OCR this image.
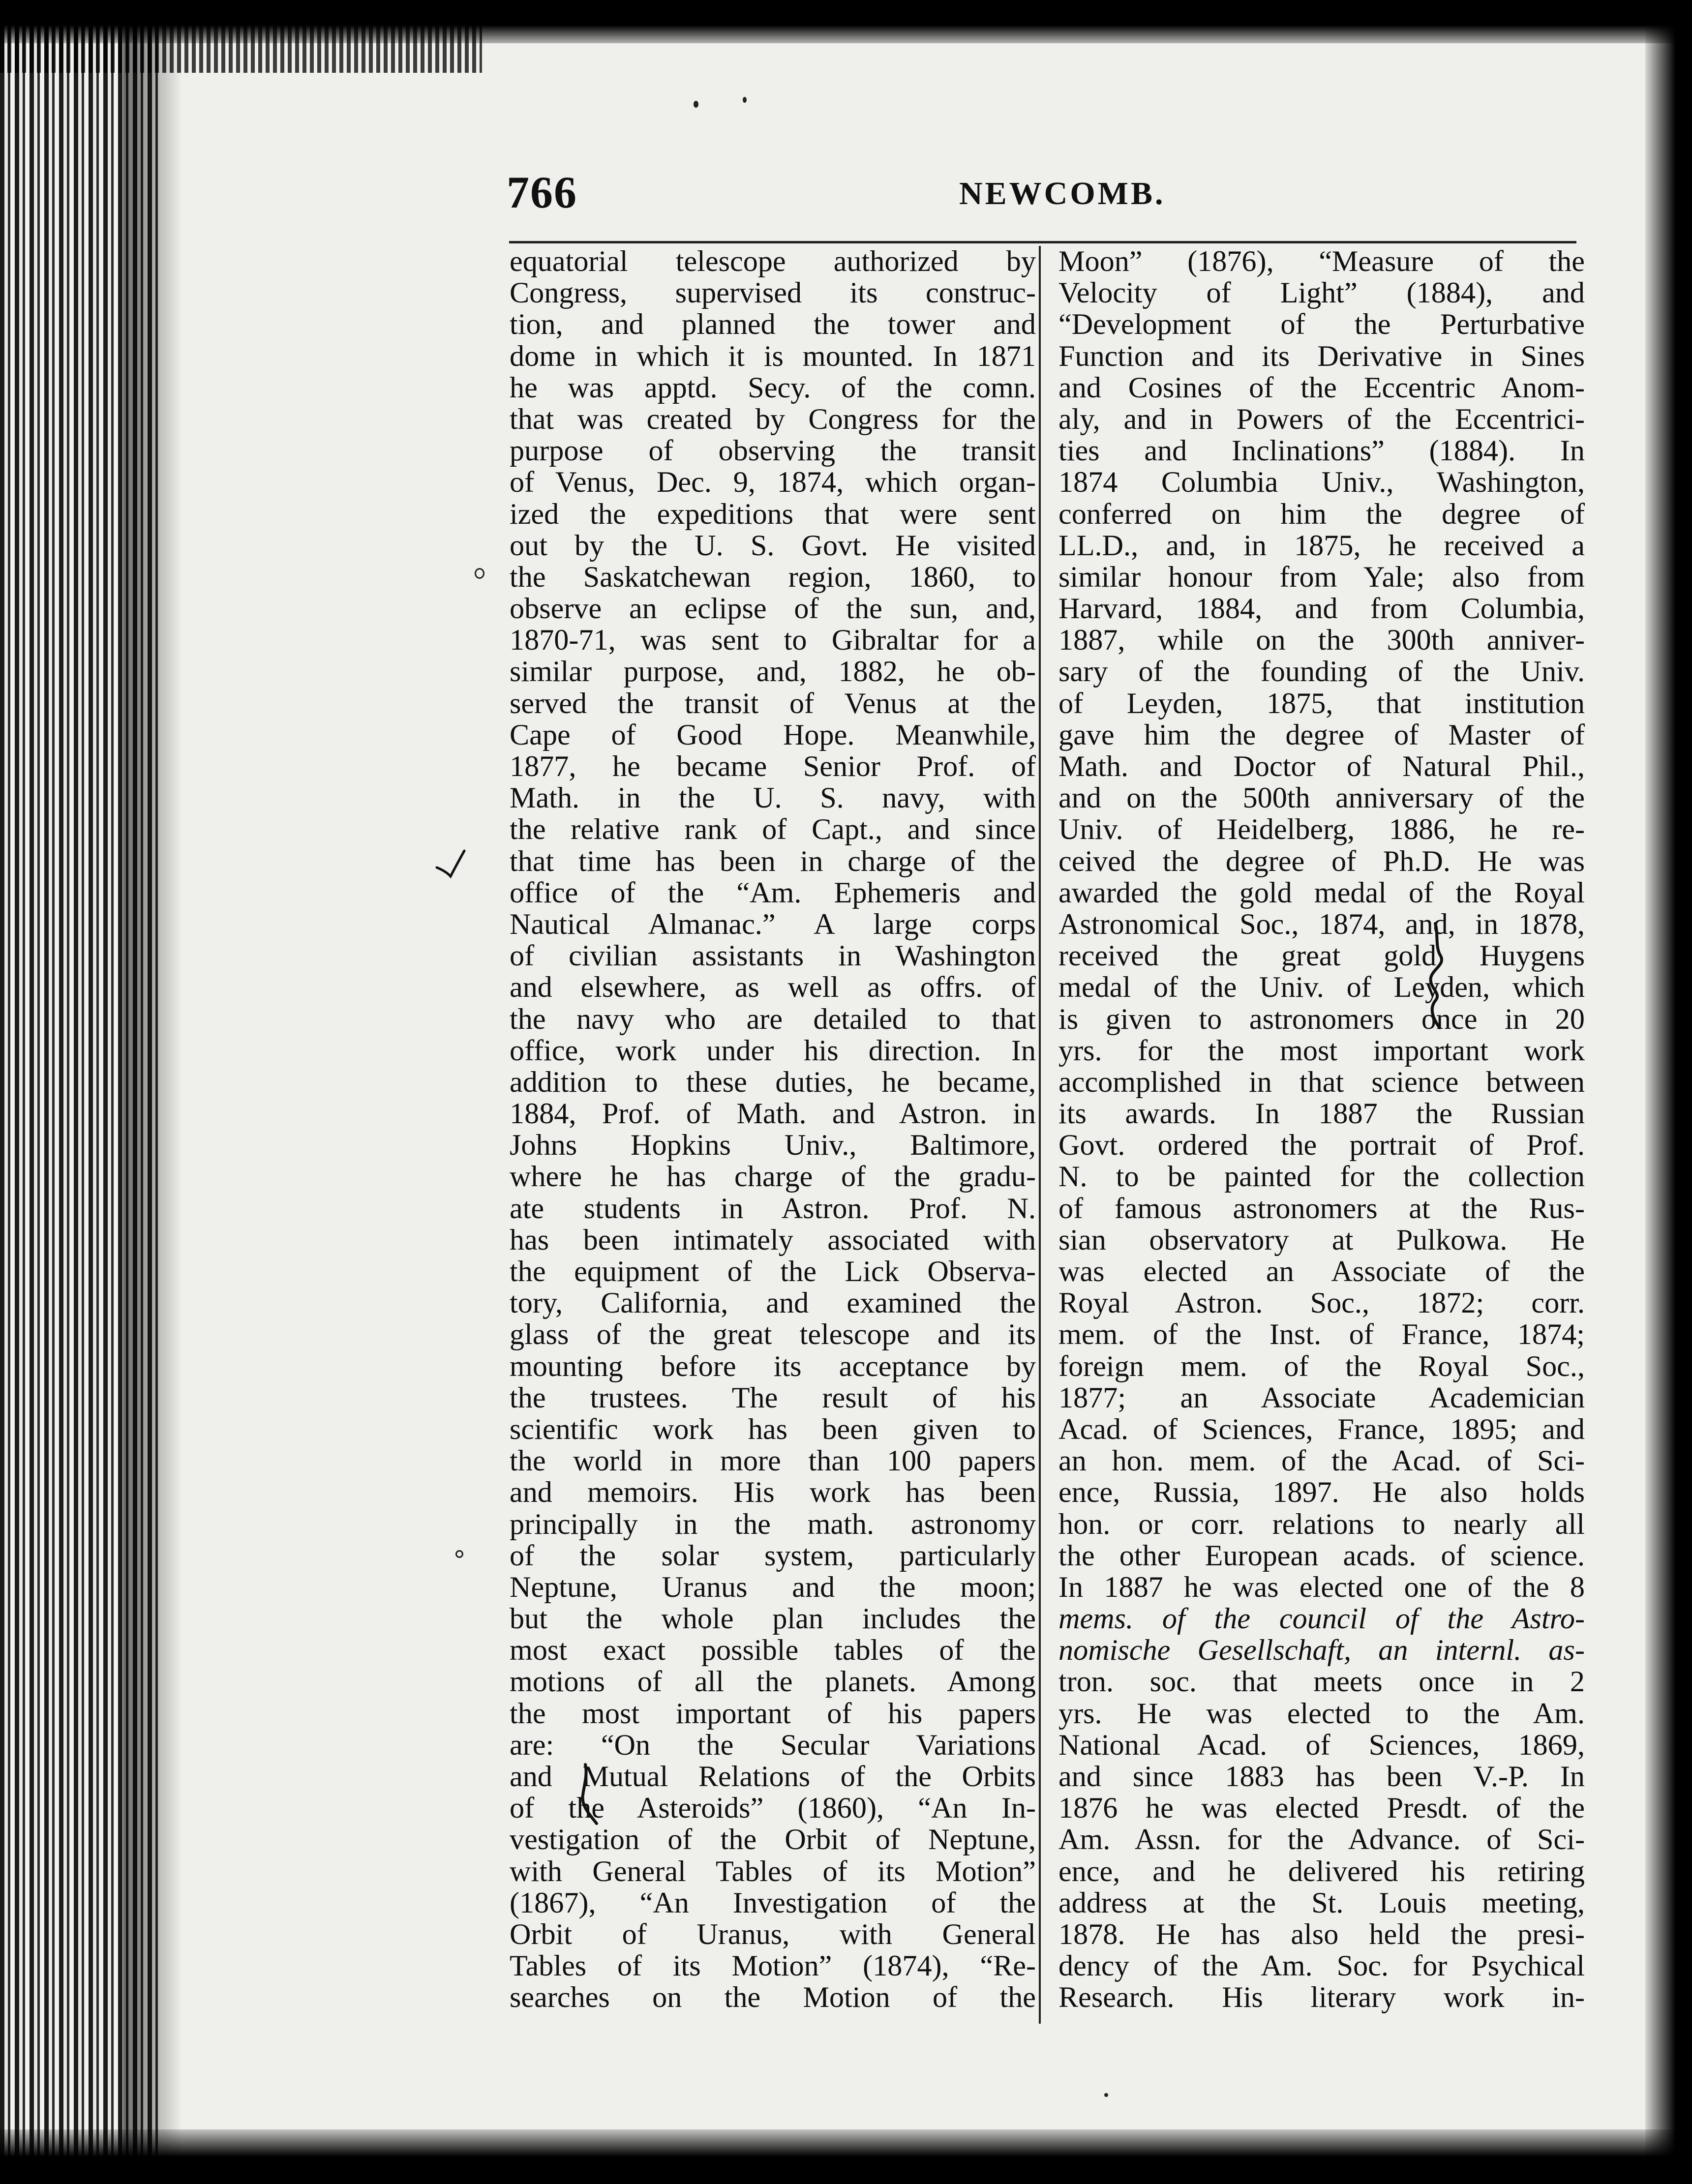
766	NEWCOMB.
equatorial telescope authorized by
Congress, supervised its construc-
tion, and planned the tower and
dome in which it is mounted. In 1871
he was apptd. Secy. of the comn.
that was created by Congress for the
purpose of observing the transit
of Venus, Dec. 9, 1874, which organ-
ized the expeditions that were sent
out by the U. S. Govt. He visited
the Saskatchewan region, 1860, to
observe an eclipse of the sun, and,
1870-71, was sent to Gibraltar for a
similar purpose, and, 1882, he ob-
served the transit of Venus at the
Cape of Good Hope. Meanwhile,
1877, he became Senior Prof. of
Math. in the U. S. navy, with
the relative rank of Capt., and since
that time has been in charge of the
office of the “Am. Ephemeris and
Nautical Almanac.” A large corps
of civilian assistants in Washington
and elsewhere, as well as offrs. of
the navy who are detailed to that
office, work under his direction. In
addition to these duties, he became,
1884, Prof. of Math. and Astron. in
Johns Hopkins Univ., Baltimore,
where he has charge of the gradu-
ate students in Astron. Prof. N.
has been intimately associated with
the equipment of the Lick Observa-
tory, California, and examined the
glass of the great telescope and its
mounting before its acceptance by
the trustees. The result of his
scientific work has been given to
the world in more than 100 papers
and memoirs. His work has been
principally in the math. astronomy
of the solar system, particularly
Neptune, Uranus and the moon;
but the whole plan includes the
most exact possible tables of the
motions of all the planets. Among
the most important of his papers
are: “On the Secular Variations
and Mutual Relations of the Orbits
of the Asteroids” (1860), “An In-
vestigation of the Orbit of Neptune,
with General Tables of its Motion”
(1867), “An Investigation of the
Orbit of Uranus, with General
Tables of its Motion” (1874), “Re-
searches on the Motion of the
Moon” (1876), “Measure of the
Velocity of Light” (1884), and
“Development of the Perturbative
Function and its Derivative in Sines
and Cosines of the Eccentric Anom-
aly, and in Powers of the Eccentrici-
ties and Inclinations” (1884). In
1874 Columbia Univ., Washington,
conferred on him the degree of
LL.D., and, in 1875, he received a
similar honour from Yale; also from
Harvard, 1884, and from Columbia,
1887, while on the 300th anniver-
sary of the founding of the Univ.
of Leyden, 1875, that institution
gave him the degree of Master of
Math. and Doctor of Natural Phil.,
and on the 500th anniversary of the
Univ. of Heidelberg, 1886, he re-
ceived the degree of Ph.D. He was
awarded the gold medal of the Royal
Astronomical Soc., 1874, and, in 1878,
received the great gold Huygens
medal of the Univ. of Leyden, which
is given to astronomers once in 20
yrs. for the most important work
accomplished in that science between
its awards. In 1887 the Russian
Govt. ordered the portrait of Prof.
N. to be painted for the collection
of famous astronomers at the Rus-
sian observatory at Pulkowa. He
was elected an Associate of the
Royal Astron. Soc., 1872; corr.
mem. of the Inst. of France, 1874;
foreign mem. of the Royal Soc.,
1877; an Associate Academician
Acad. of Sciences, France, 1895; and
an hon. mem. of the Acad. of Sci-
ence, Russia, 1897. He also holds
hon. or corr. relations to nearly all
the other European acads. of science.
In 1887 he was elected one of the 8
mems. of the council of the Astro-
nomische Gesellschaft, an internl. as-
tron. soc. that meets once in 2
yrs. He was elected to the Am.
National Acad. of Sciences, 1869,
and since 1883 has been V.-P. In
1876 he was elected Presdt. of the
Am. Assn. for the Advance. of Sci-
ence, and he delivered his retiring
address at the St. Louis meeting,
1878. He has also held the presi-
dency of the Am. Soc. for Psychical
Research. His literary work in-
